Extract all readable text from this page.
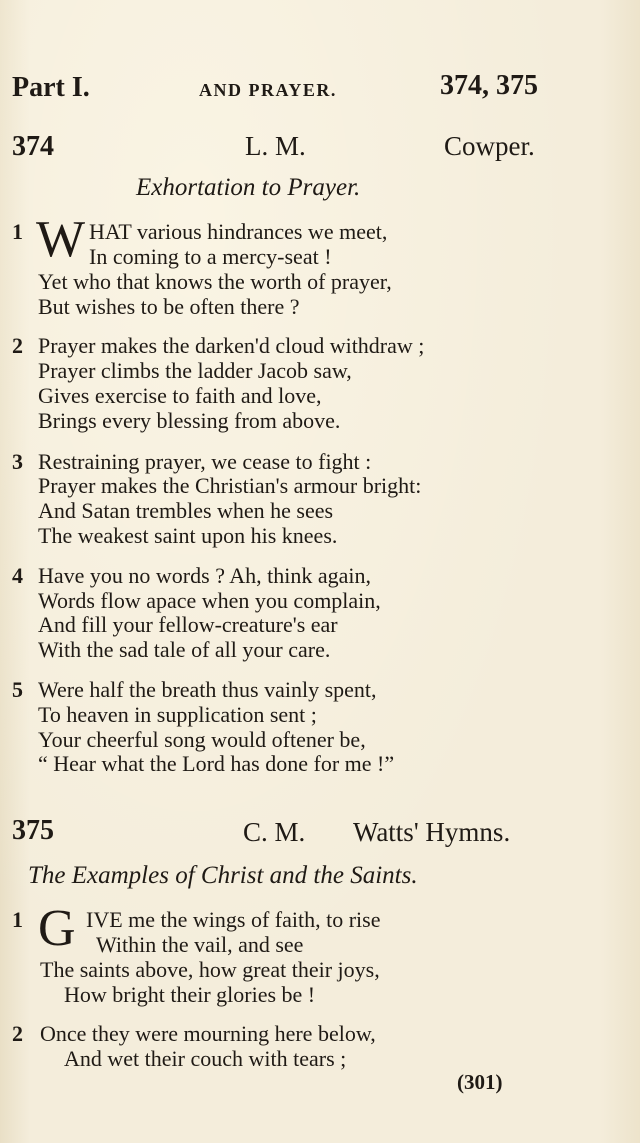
Part I.	AND PRAYER.	374, 375
374	L. M.	Cowper.
Exhortation to Prayer.
1 W HAT various hindrances we meet,
In coming to a mercy-seat !
Yet who that knows the worth of prayer,
But wishes to be often there ?
2 Prayer makes the darken'd cloud withdraw ;
Prayer climbs the ladder Jacob saw,
Gives exercise to faith and love,
Brings every blessing from above.
3 Restraining prayer, we cease to fight :
Prayer makes the Christian's armour bright:
And Satan trembles when he sees
The weakest saint upon his knees.
4 Have you no words ? Ah, think again,
Words flow apace when you complain,
And fill your fellow-creature's ear
With the sad tale of all your care.
5 Were half the breath thus vainly spent,
To heaven in supplication sent ;
Your cheerful song would oftener be,
“ Hear what the Lord has done for me !”
375	C. M. Watts' Hymns.
The Examples of Christ and the Saints.
1 G IVE me the wings of faith, to rise
Within the vail, and see
The saints above, how great their joys,
How bright their glories be !
2 Once they were mourning here below,
And wet their couch with tears ;
(301)
